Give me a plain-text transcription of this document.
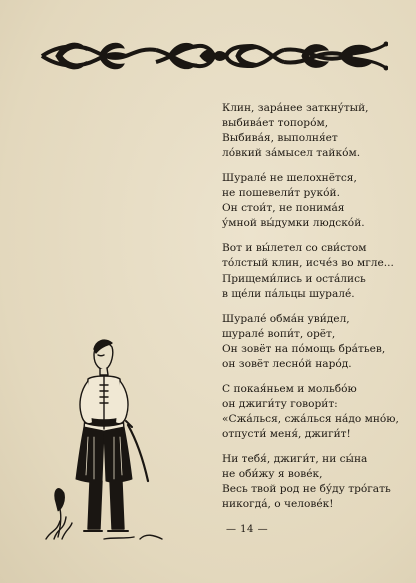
Клин, зара́нее заткну́тый,
выбива́ет топоро́м,
Выбива́я, выполня́ет
ло́вкий за́мысел тайко́м.
Шурале́ не шелохнётся,
не пошевели́т руко́й.
Он стои́т, не понима́я
у́мной вы́думки людско́й.
Вот и вы́летел со сви́стом
то́лстый клин, исче́з во мгле...
Прищеми́лись и оста́лись
в ще́ли па́льцы шурале́.
Шурале́ обма́н уви́дел,
шурале́ вопи́т, орёт,
Он зовёт на по́мощь бра́тьев,
он зовёт лесно́й наро́д.
С покая́ньем и мольбо́ю
он джиги́ту говори́т:
«Сжа́лься, сжа́лься на́до мно́ю,
отпусти́ меня́, джиги́т!
Ни тебя́, джиги́т, ни сы́на
не оби́жу я вове́к,
Весь твой род не бу́ду тро́гать
никогда́, о челове́к!
— 14 —
